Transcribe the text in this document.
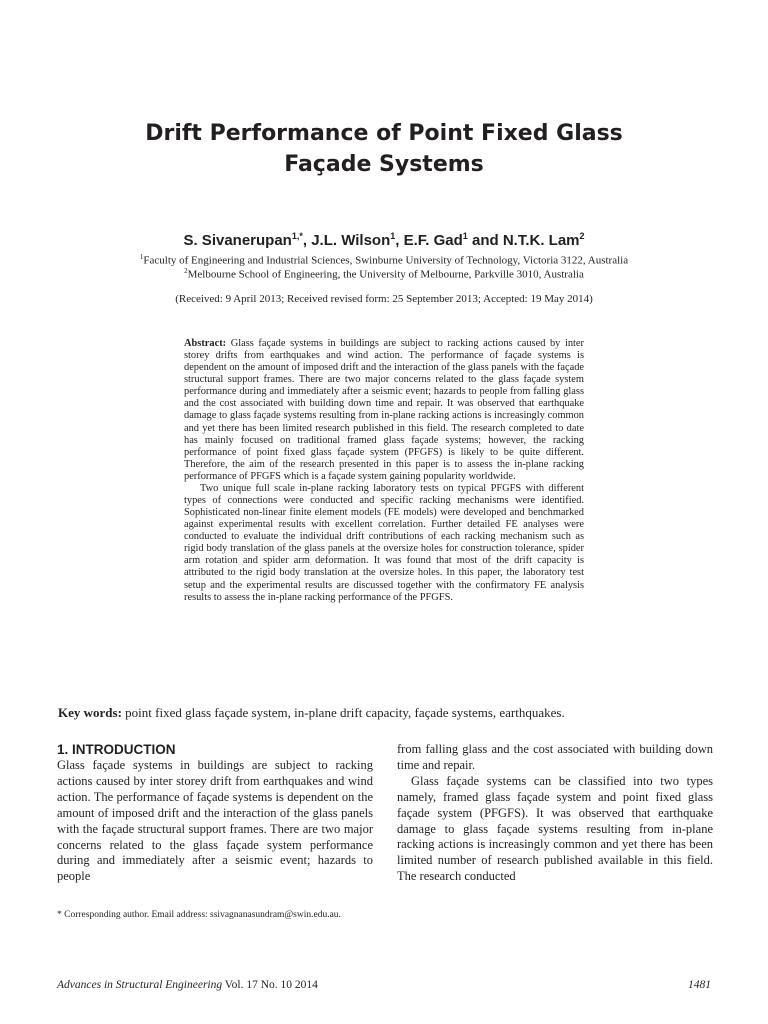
Drift Performance of Point Fixed Glass
Façade Systems
S. Sivanerupan$^{1,*}$, J.L. Wilson$^1$, E.F. Gad$^1$ and N.T.K. Lam$^2$
$^1$Faculty of Engineering and Industrial Sciences, Swinburne University of Technology, Victoria 3122, Australia
$^2$Melbourne School of Engineering, the University of Melbourne, Parkville 3010, Australia
(Received: 9 April 2013; Received revised form: 25 September 2013; Accepted: 19 May 2014)

Abstract: Glass façade systems in buildings are subject to racking actions caused by inter storey drifts from earthquakes and wind action. The performance of façade systems is dependent on the amount of imposed drift and the interaction of the glass panels with the façade structural support frames. There are two major concerns related to the glass façade system performance during and immediately after a seismic event; hazards to people from falling glass and the cost associated with building down time and repair. It was observed that earthquake damage to glass façade systems resulting from in-plane racking actions is increasingly common and yet there has been limited research published in this field. The research completed to date has mainly focused on traditional framed glass façade systems; however, the racking performance of point fixed glass façade system (PFGFS) is likely to be quite different. Therefore, the aim of the research presented in this paper is to assess the in-plane racking performance of PFGFS which is a façade system gaining popularity worldwide.

Two unique full scale in-plane racking laboratory tests on typical PFGFS with different types of connections were conducted and specific racking mechanisms were identified. Sophisticated non-linear finite element models (FE models) were developed and benchmarked against experimental results with excellent correlation. Further detailed FE analyses were conducted to evaluate the individual drift contributions of each racking mechanism such as rigid body translation of the glass panels at the oversize holes for construction tolerance, spider arm rotation and spider arm deformation. It was found that most of the drift capacity is attributed to the rigid body translation at the oversize holes. In this paper, the laboratory test setup and the experimental results are discussed together with the confirmatory FE analysis results to assess the in-plane racking performance of the PFGFS.

Key words: point fixed glass façade system, in-plane drift capacity, façade systems, earthquakes.
1. INTRODUCTION

Glass façade systems in buildings are subject to racking actions caused by inter storey drift from earthquakes and wind action. The performance of façade systems is dependent on the amount of imposed drift and the interaction of the glass panels with the façade structural support frames. There are two major concerns related to the glass façade system performance during and immediately after a seismic event; hazards to people

from falling glass and the cost associated with building down time and repair.

Glass façade systems can be classified into two types namely, framed glass façade system and point fixed glass façade system (PFGFS). It was observed that earthquake damage to glass façade systems resulting from in-plane racking actions is increasingly common and yet there has been limited number of research published available in this field. The research conducted

* Corresponding author. Email address: ssivagnanasundram@swin.edu.au.
Advances in Structural Engineering Vol. 17 No. 10 2014	1481
